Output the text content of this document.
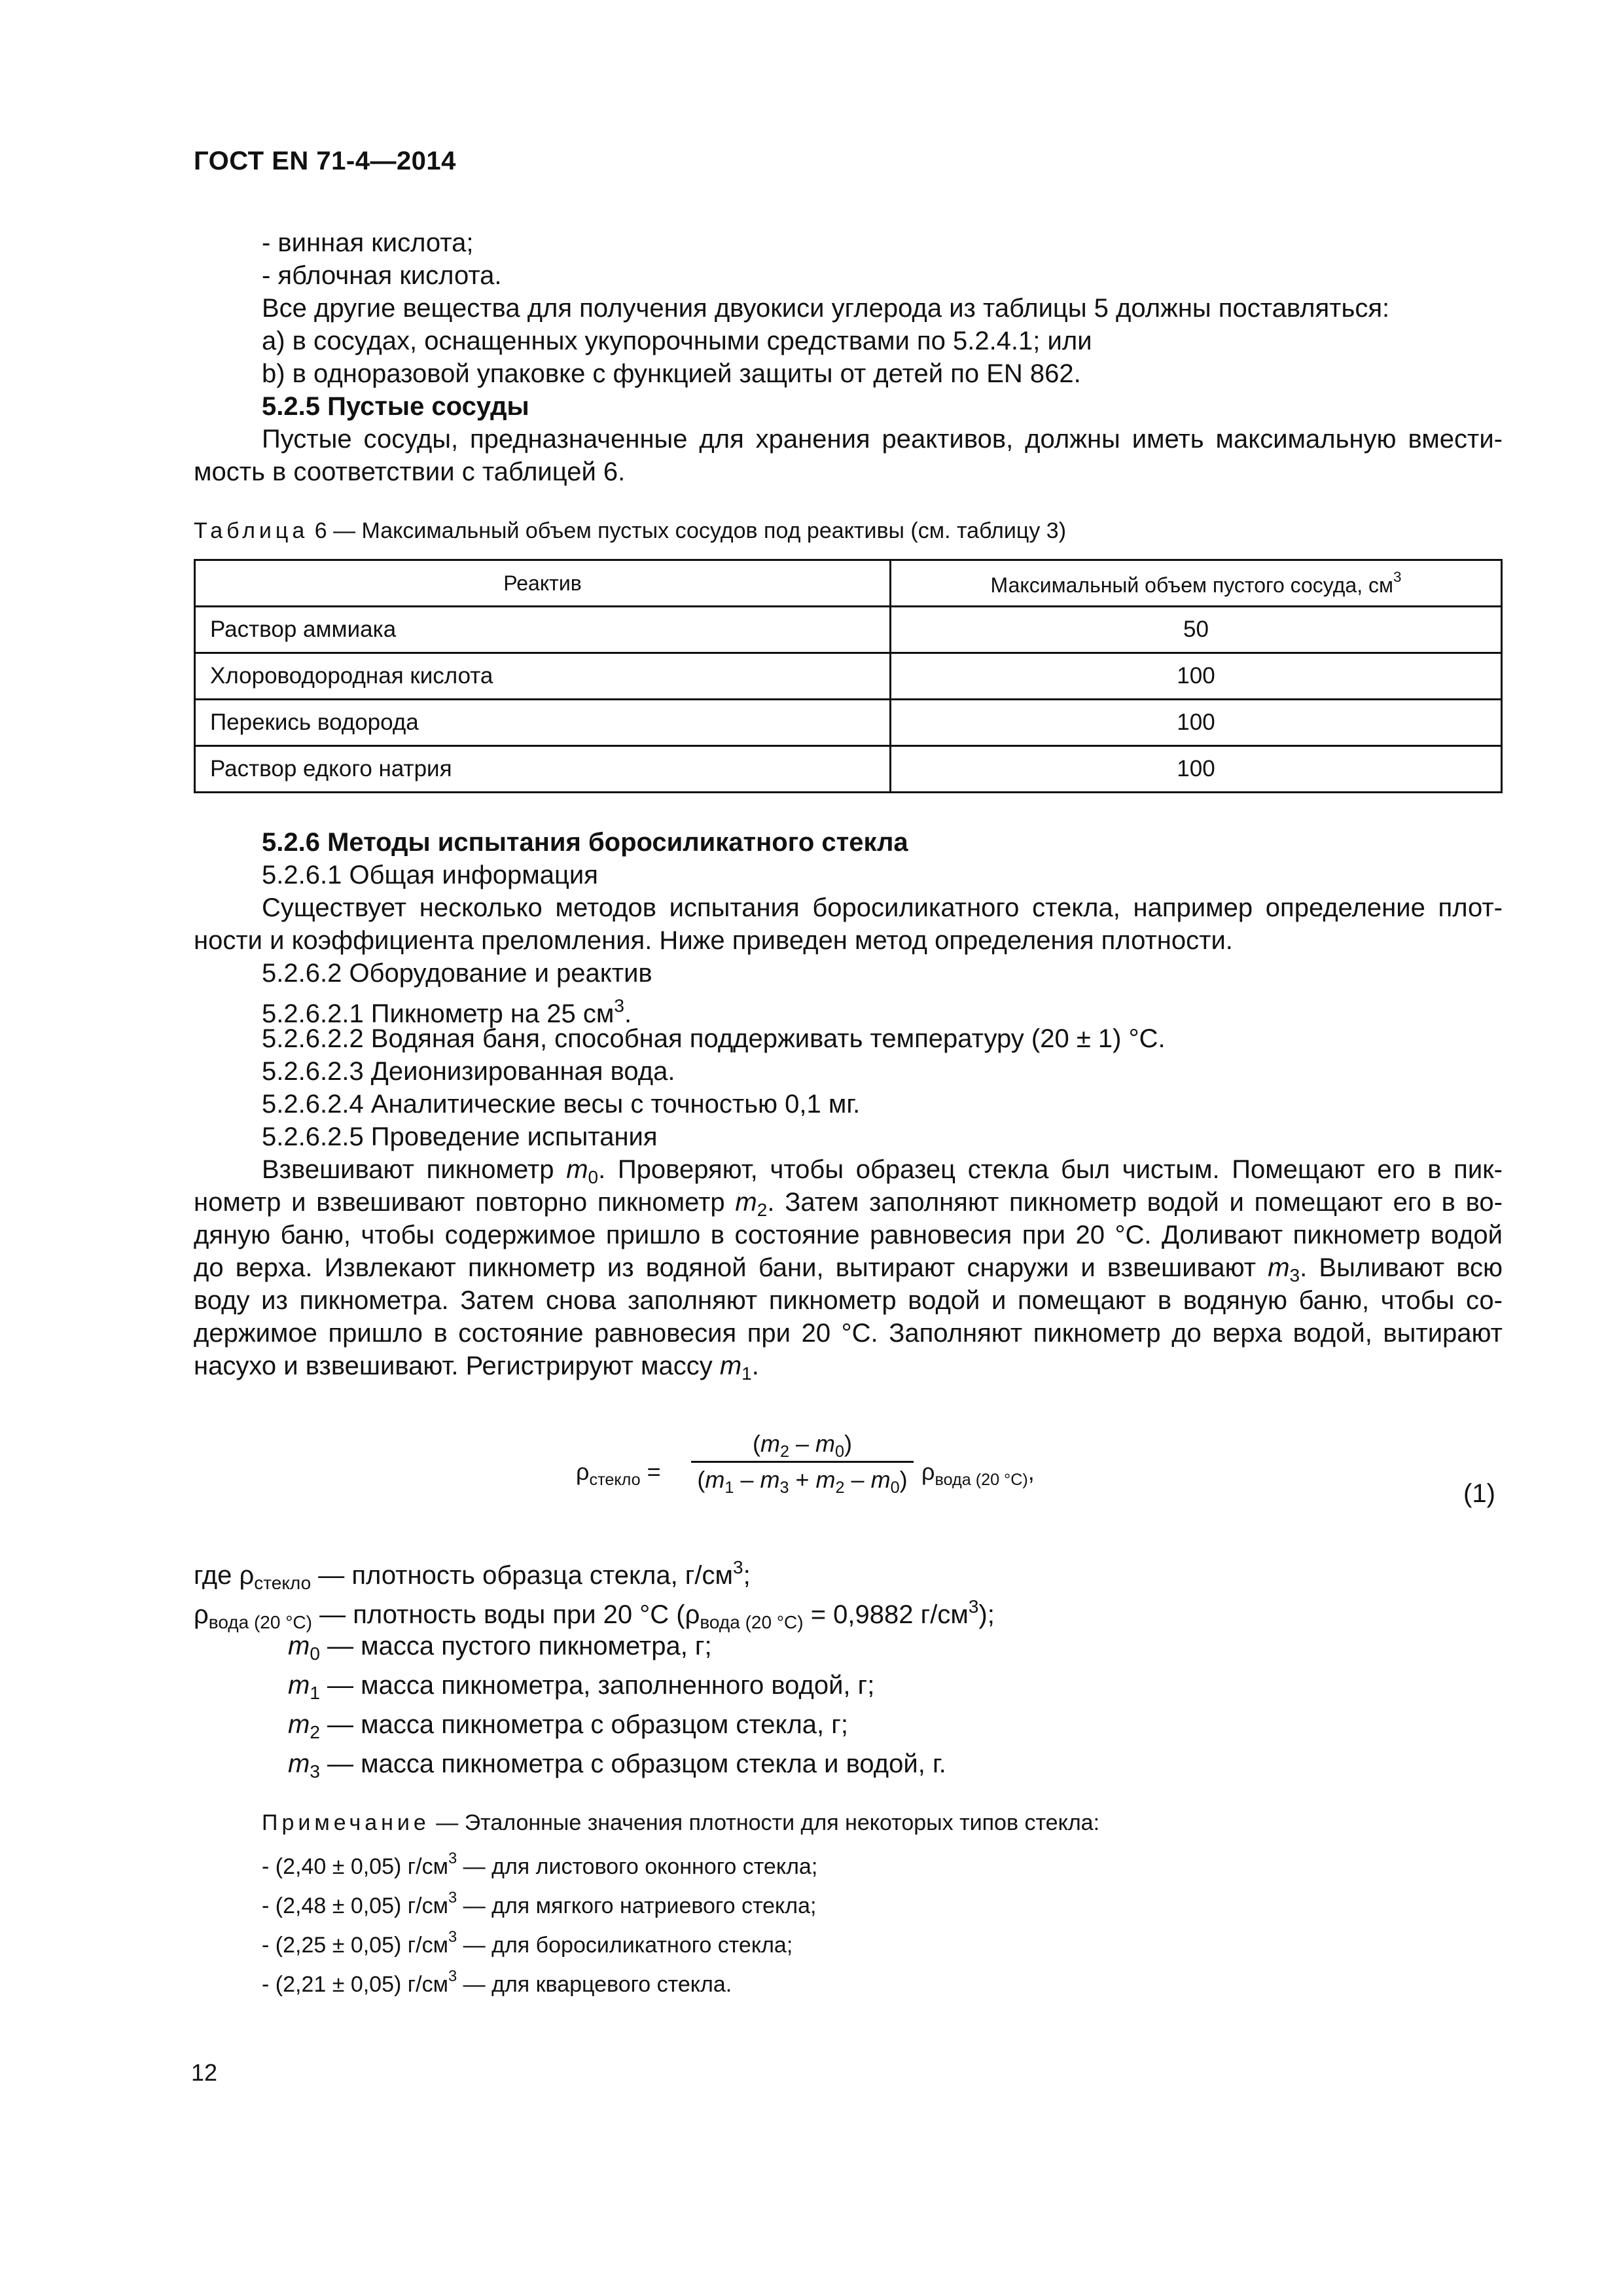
ГОСТ EN 71-4—2014
- винная кислота;
- яблочная кислота.
Все другие вещества для получения двуокиси углерода из таблицы 5 должны поставляться:
a) в сосудах, оснащенных укупорочными средствами по 5.2.4.1; или
b) в одноразовой упаковке с функцией защиты от детей по EN 862.
5.2.5 Пустые сосуды
Пустые сосуды, предназначенные для хранения реактивов, должны иметь максимальную вмести-
мость в соответствии с таблицей 6.
Таблица 6 — Максимальный объем пустых сосудов под реактивы (см. таблицу 3)
Реактив	Максимальный объем пустого сосуда, $см^3$
Раствор аммиака	50
Хлороводородная кислота	100
Перекись водорода	100
Раствор едкого натрия	100
5.2.6 Методы испытания боросиликатного стекла
5.2.6.1 Общая информация
Существует несколько методов испытания боросиликатного стекла, например определение плот-
ности и коэффициента преломления. Ниже приведен метод определения плотности.
5.2.6.2 Оборудование и реактив
5.2.6.2.1 Пикнометр на 25 $см^3$.
5.2.6.2.2 Водяная баня, способная поддерживать температуру (20 ± 1) °C.
5.2.6.2.3 Деионизированная вода.
5.2.6.2.4 Аналитические весы с точностью 0,1 мг.
5.2.6.2.5 Проведение испытания
Взвешивают пикнометр $m_0$. Проверяют, чтобы образец стекла был чистым. Помещают его в пик-
нометр и взвешивают повторно пикнометр $m_2$. Затем заполняют пикнометр водой и помещают его в во-
дяную баню, чтобы содержимое пришло в состояние равновесия при 20 °C. Доливают пикнометр водой
до верха. Извлекают пикнометр из водяной бани, вытирают снаружи и взвешивают $m_3$. Выливают всю
воду из пикнометра. Затем снова заполняют пикнометр водой и помещают в водяную баню, чтобы со-
держимое пришло в состояние равновесия при 20 °C. Заполняют пикнометр до верха водой, вытирают
насухо и взвешивают. Регистрируют массу $m_1$.
$\rho_{стекло}$ =
$(m_2 - m_0)$
$(m_1 - m_3 + m_2 - m_0)$ $\rho_{вода (20 ^\circ C)}$,
(1)
где $\rho_{стекло}$ — плотность образца стекла, $г/см^3$;
$\rho_{вода (20 ^\circ C)}$ — плотность воды при 20 °C ($\rho_{вода (20 ^\circ C)} = 0,9882$ $г/см^3$);
$m_0$ — масса пустого пикнометра, г;
$m_1$ — масса пикнометра, заполненного водой, г;
$m_2$ — масса пикнометра с образцом стекла, г;
$m_3$ — масса пикнометра с образцом стекла и водой, г.
Примечание — Эталонные значения плотности для некоторых типов стекла:
- (2,40 ± 0,05) $г/см^3$ — для листового оконного стекла;
- (2,48 ± 0,05) $г/см^3$ — для мягкого натриевого стекла;
- (2,25 ± 0,05) $г/см^3$ — для боросиликатного стекла;
- (2,21 ± 0,05) $г/см^3$ — для кварцевого стекла.
12
